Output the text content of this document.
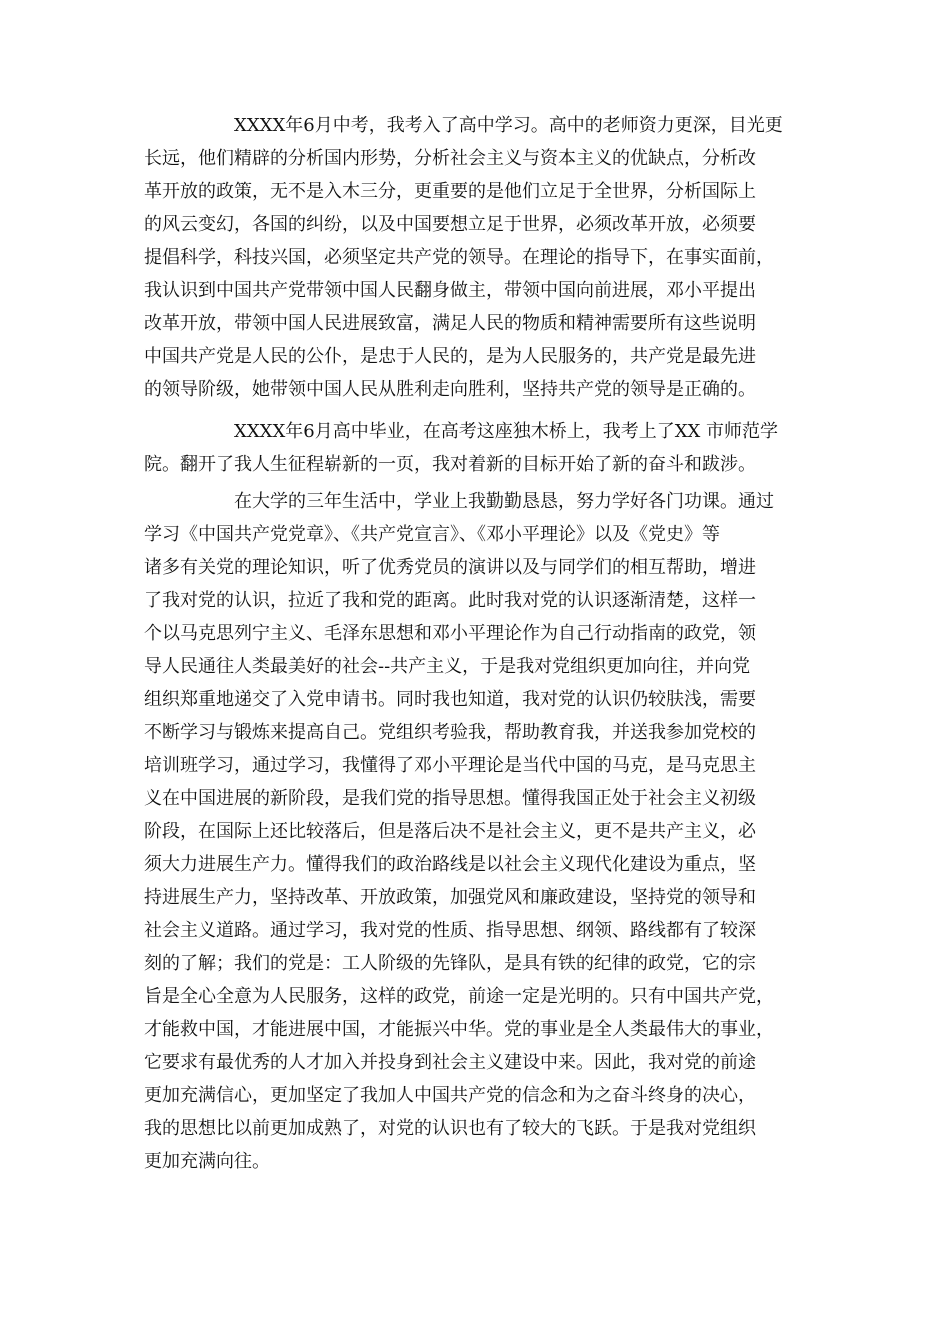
XXXX年6月中考，我考入了高中学习。高中的老师资力更深，目光更
长远，他们精辟的分析国内形势，分析社会主义与资本主义的优缺点，分析改
革开放的政策，无不是入木三分，更重要的是他们立足于全世界，分析国际上
的风云变幻，各国的纠纷，以及中国要想立足于世界，必须改革开放，必须要
提倡科学，科技兴国，必须坚定共产党的领导。在理论的指导下，在事实面前，
我认识到中国共产党带领中国人民翻身做主，带领中国向前进展，邓小平提出
改革开放，带领中国人民进展致富，满足人民的物质和精神需要所有这些说明
中国共产党是人民的公仆，是忠于人民的，是为人民服务的，共产党是最先进
的领导阶级，她带领中国人民从胜利走向胜利，坚持共产党的领导是正确的。
XXXX年6月高中毕业，在高考这座独木桥上，我考上了XX 市师范学
院。翻开了我人生征程崭新的一页，我对着新的目标开始了新的奋斗和跋涉。
在大学的三年生活中，学业上我勤勤恳恳，努力学好各门功课。通过
学习《中国共产党党章》、《共产党宣言》、《邓小平理论》以及《党史》等
诸多有关党的理论知识，听了优秀党员的演讲以及与同学们的相互帮助，增进
了我对党的认识，拉近了我和党的距离。此时我对党的认识逐渐清楚，这样一
个以马克思列宁主义、毛泽东思想和邓小平理论作为自己行动指南的政党，领
导人民通往人类最美好的社会--共产主义，于是我对党组织更加向往，并向党
组织郑重地递交了入党申请书。同时我也知道，我对党的认识仍较肤浅，需要
不断学习与锻炼来提高自己。党组织考验我，帮助教育我，并送我参加党校的
培训班学习，通过学习，我懂得了邓小平理论是当代中国的马克，是马克思主
义在中国进展的新阶段，是我们党的指导思想。懂得我国正处于社会主义初级
阶段，在国际上还比较落后，但是落后决不是社会主义，更不是共产主义，必
须大力进展生产力。懂得我们的政治路线是以社会主义现代化建设为重点，坚
持进展生产力，坚持改革、开放政策，加强党风和廉政建设，坚持党的领导和
社会主义道路。通过学习，我对党的性质、指导思想、纲领、路线都有了较深
刻的了解；我们的党是：工人阶级的先锋队，是具有铁的纪律的政党，它的宗
旨是全心全意为人民服务，这样的政党，前途一定是光明的。只有中国共产党，
才能救中国，才能进展中国，才能振兴中华。党的事业是全人类最伟大的事业，
它要求有最优秀的人才加入并投身到社会主义建设中来。因此，我对党的前途
更加充满信心，更加坚定了我加人中国共产党的信念和为之奋斗终身的决心，
我的思想比以前更加成熟了，对党的认识也有了较大的飞跃。于是我对党组织
更加充满向往。
